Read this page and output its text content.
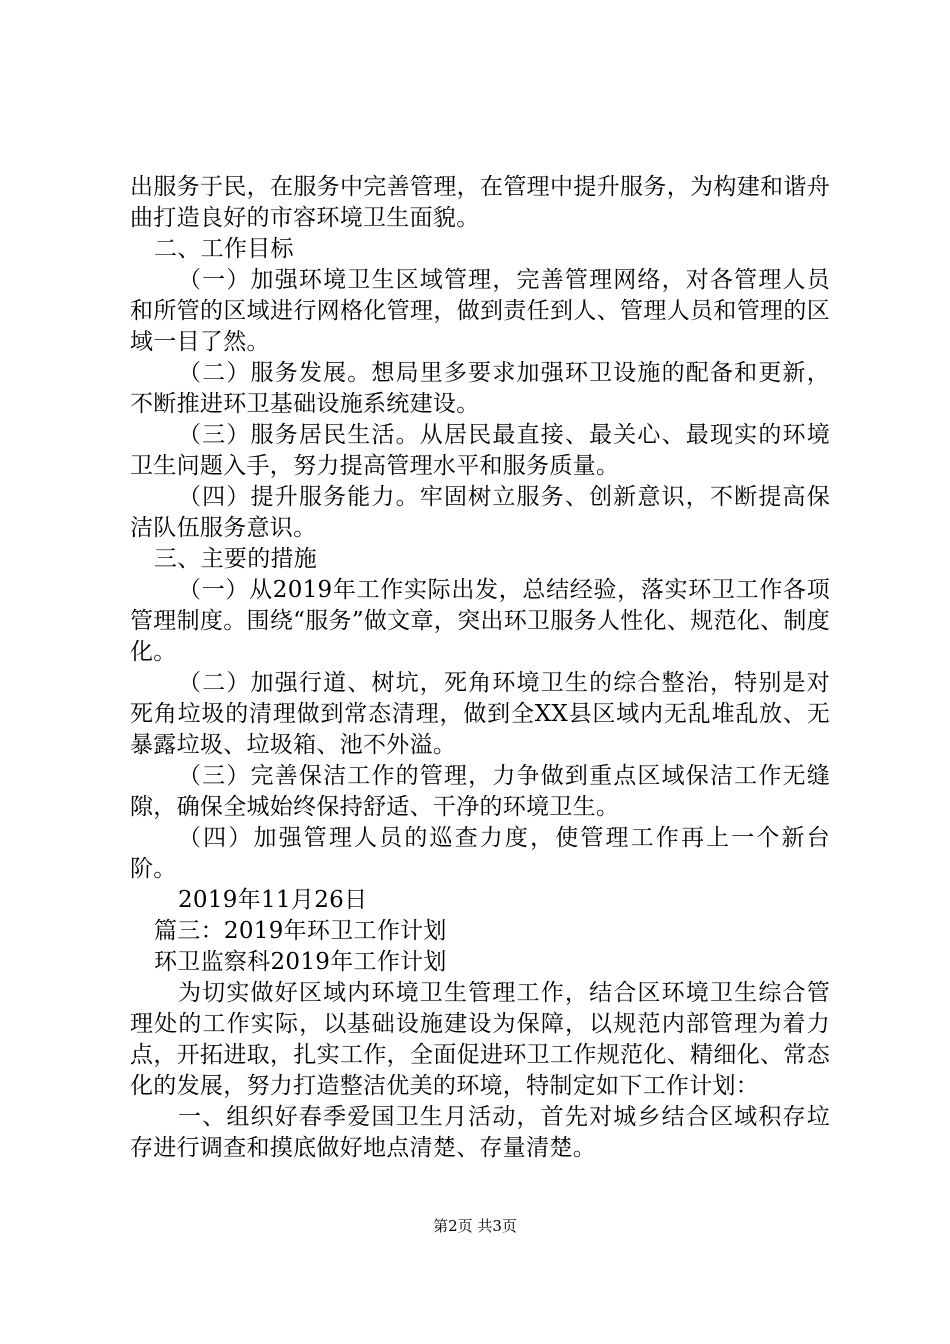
出服务于民，在服务中完善管理，在管理中提升服务，为构建和谐舟曲打造良好的市容环境卫生面貌。

二、工作目标

（一）加强环境卫生区域管理，完善管理网络，对各管理人员和所管的区域进行网格化管理，做到责任到人、管理人员和管理的区域一目了然。

（二）服务发展。想局里多要求加强环卫设施的配备和更新，不断推进环卫基础设施系统建设。

（三）服务居民生活。从居民最直接、最关心、最现实的环境卫生问题入手，努力提高管理水平和服务质量。

（四）提升服务能力。牢固树立服务、创新意识，不断提高保洁队伍服务意识。

三、主要的措施

（一）从2019年工作实际出发，总结经验，落实环卫工作各项管理制度。围绕“服务”做文章，突出环卫服务人性化、规范化、制度化。

（二）加强行道、树坑，死角环境卫生的综合整治，特别是对死角垃圾的清理做到常态清理，做到全XX县区域内无乱堆乱放、无暴露垃圾、垃圾箱、池不外溢。

（三）完善保洁工作的管理，力争做到重点区域保洁工作无缝隙，确保全城始终保持舒适、干净的环境卫生。

（四）加强管理人员的巡查力度，使管理工作再上一个新台阶。

2019年11月26日

篇三：2019年环卫工作计划

环卫监察科2019年工作计划

为切实做好区域内环境卫生管理工作，结合区环境卫生综合管理处的工作实际，以基础设施建设为保障，以规范内部管理为着力点，开拓进取，扎实工作，全面促进环卫工作规范化、精细化、常态化的发展，努力打造整洁优美的环境，特制定如下工作计划：

一、组织好春季爱国卫生月活动，首先对城乡结合区域积存垃存进行调查和摸底做好地点清楚、存量清楚。

第2页 共3页
